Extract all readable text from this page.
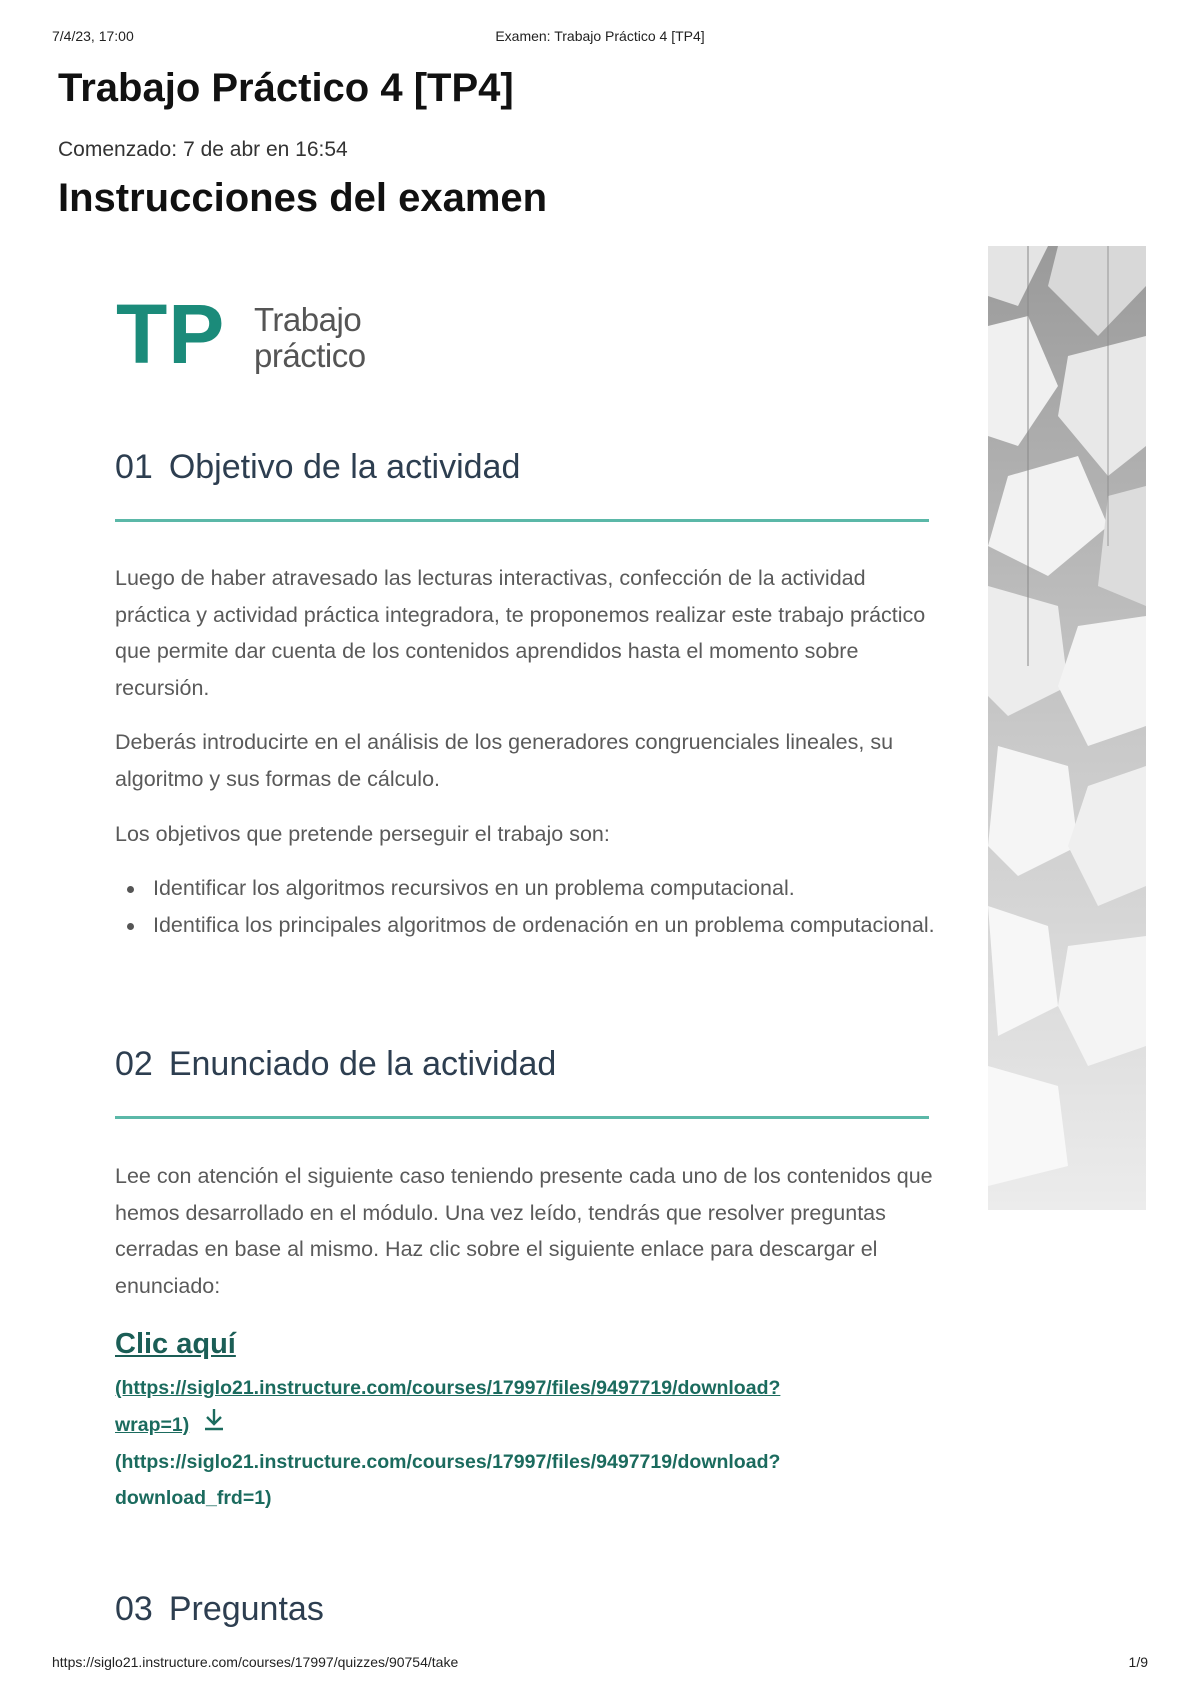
7/4/23, 17:00	Examen: Trabajo Práctico 4 [TP4]
Trabajo Práctico 4 [TP4]
Comenzado: 7 de abr en 16:54
Instrucciones del examen
TP Trabajo
práctico
01 Objetivo de la actividad

Luego de haber atravesado las lecturas interactivas, confección de la actividad práctica y actividad práctica integradora, te proponemos realizar este trabajo práctico que permite dar cuenta de los contenidos aprendidos hasta el momento sobre recursión.

Deberás introducirte en el análisis de los generadores congruenciales lineales, su algoritmo y sus formas de cálculo.

Los objetivos que pretende perseguir el trabajo son:

Identificar los algoritmos recursivos en un problema computacional.
Identifica los principales algoritmos de ordenación en un problema computacional.
02 Enunciado de la actividad

Lee con atención el siguiente caso teniendo presente cada uno de los contenidos que hemos desarrollado en el módulo. Una vez leído, tendrás que resolver preguntas cerradas en base al mismo. Haz clic sobre el siguiente enlace para descargar el enunciado:

Clic aquí
(https://siglo21.instructure.com/courses/17997/files/9497719/download?
wrap=1)
(https://siglo21.instructure.com/courses/17997/files/9497719/download?
download_frd=1)
03 Preguntas
https://siglo21.instructure.com/courses/17997/quizzes/90754/take	1/9
